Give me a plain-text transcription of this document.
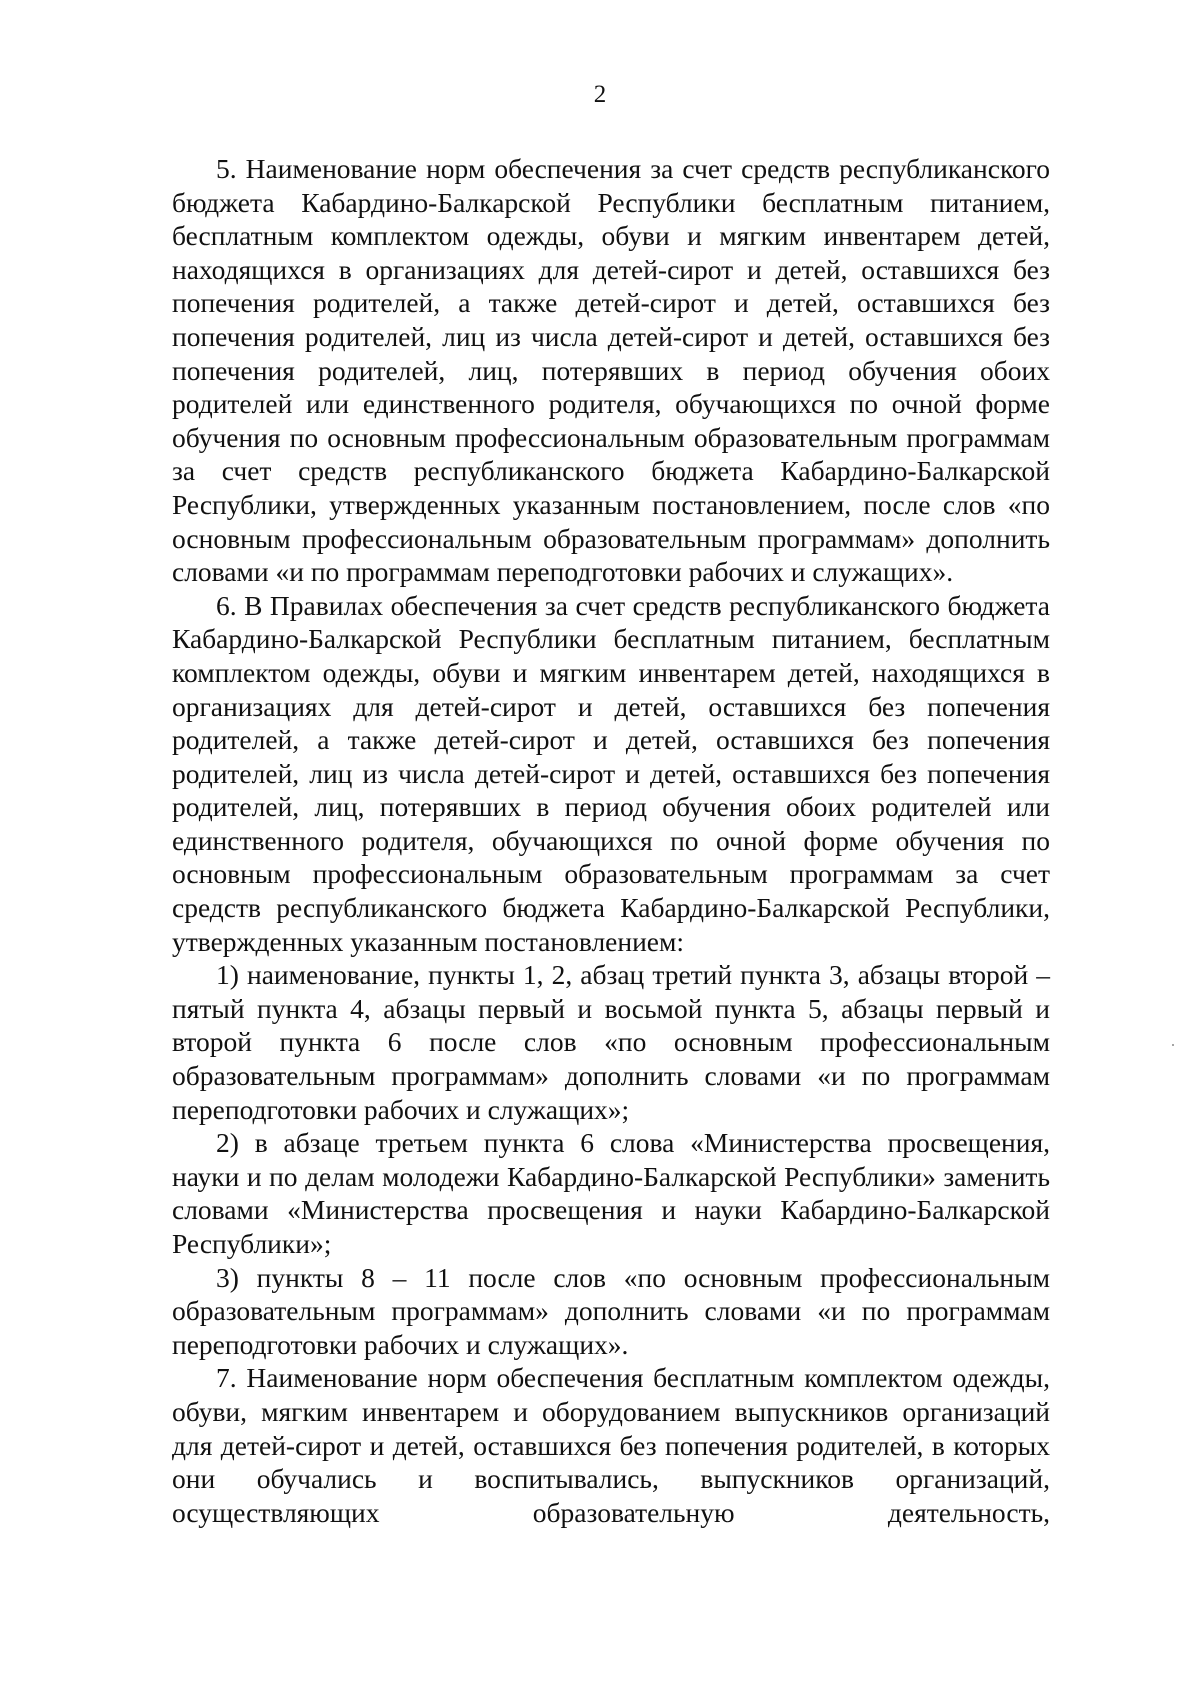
2

5. Наименование норм обеспечения за счет средств республиканского бюджета Кабардино-Балкарской Республики бесплатным питанием, бесплатным комплектом одежды, обуви и мягким инвентарем детей, находящихся в организациях для детей-сирот и детей, оставшихся без попечения родителей, а также детей-сирот и детей, оставшихся без попечения родителей, лиц из числа детей-сирот и детей, оставшихся без попечения родителей, лиц, потерявших в период обучения обоих родителей или единственного родителя, обучающихся по очной форме обучения по основным профессиональным образовательным программам за счет средств республиканского бюджета Кабардино-Балкарской Республики, утвержденных указанным постановлением, после слов «по основным профессиональным образовательным программам» дополнить словами «и по программам переподготовки рабочих и служащих».

6. В Правилах обеспечения за счет средств республиканского бюджета Кабардино-Балкарской Республики бесплатным питанием, бесплатным комплектом одежды, обуви и мягким инвентарем детей, находящихся в организациях для детей-сирот и детей, оставшихся без попечения родителей, а также детей-сирот и детей, оставшихся без попечения родителей, лиц из числа детей-сирот и детей, оставшихся без попечения родителей, лиц, потерявших в период обучения обоих родителей или единственного родителя, обучающихся по очной форме обучения по основным профессиональным образовательным программам за счет средств республиканского бюджета Кабардино-Балкарской Республики, утвержденных указанным постановлением:

1) наименование, пункты 1, 2, абзац третий пункта 3, абзацы второй – пятый пункта 4, абзацы первый и восьмой пункта 5, абзацы первый и второй пункта 6 после слов «по основным профессиональным образовательным программам» дополнить словами «и по программам переподготовки рабочих и служащих»;

2) в абзаце третьем пункта 6 слова «Министерства просвещения, науки и по делам молодежи Кабардино-Балкарской Республики» заменить словами «Министерства просвещения и науки Кабардино-Балкарской Республики»;

3) пункты 8 – 11 после слов «по основным профессиональным образовательным программам» дополнить словами «и по программам переподготовки рабочих и служащих».

7. Наименование норм обеспечения бесплатным комплектом одежды, обуви, мягким инвентарем и оборудованием выпускников организаций для детей-сирот и детей, оставшихся без попечения родителей, в которых они обучались и воспитывались, выпускников организаций, осуществляющих образовательную деятельность,
